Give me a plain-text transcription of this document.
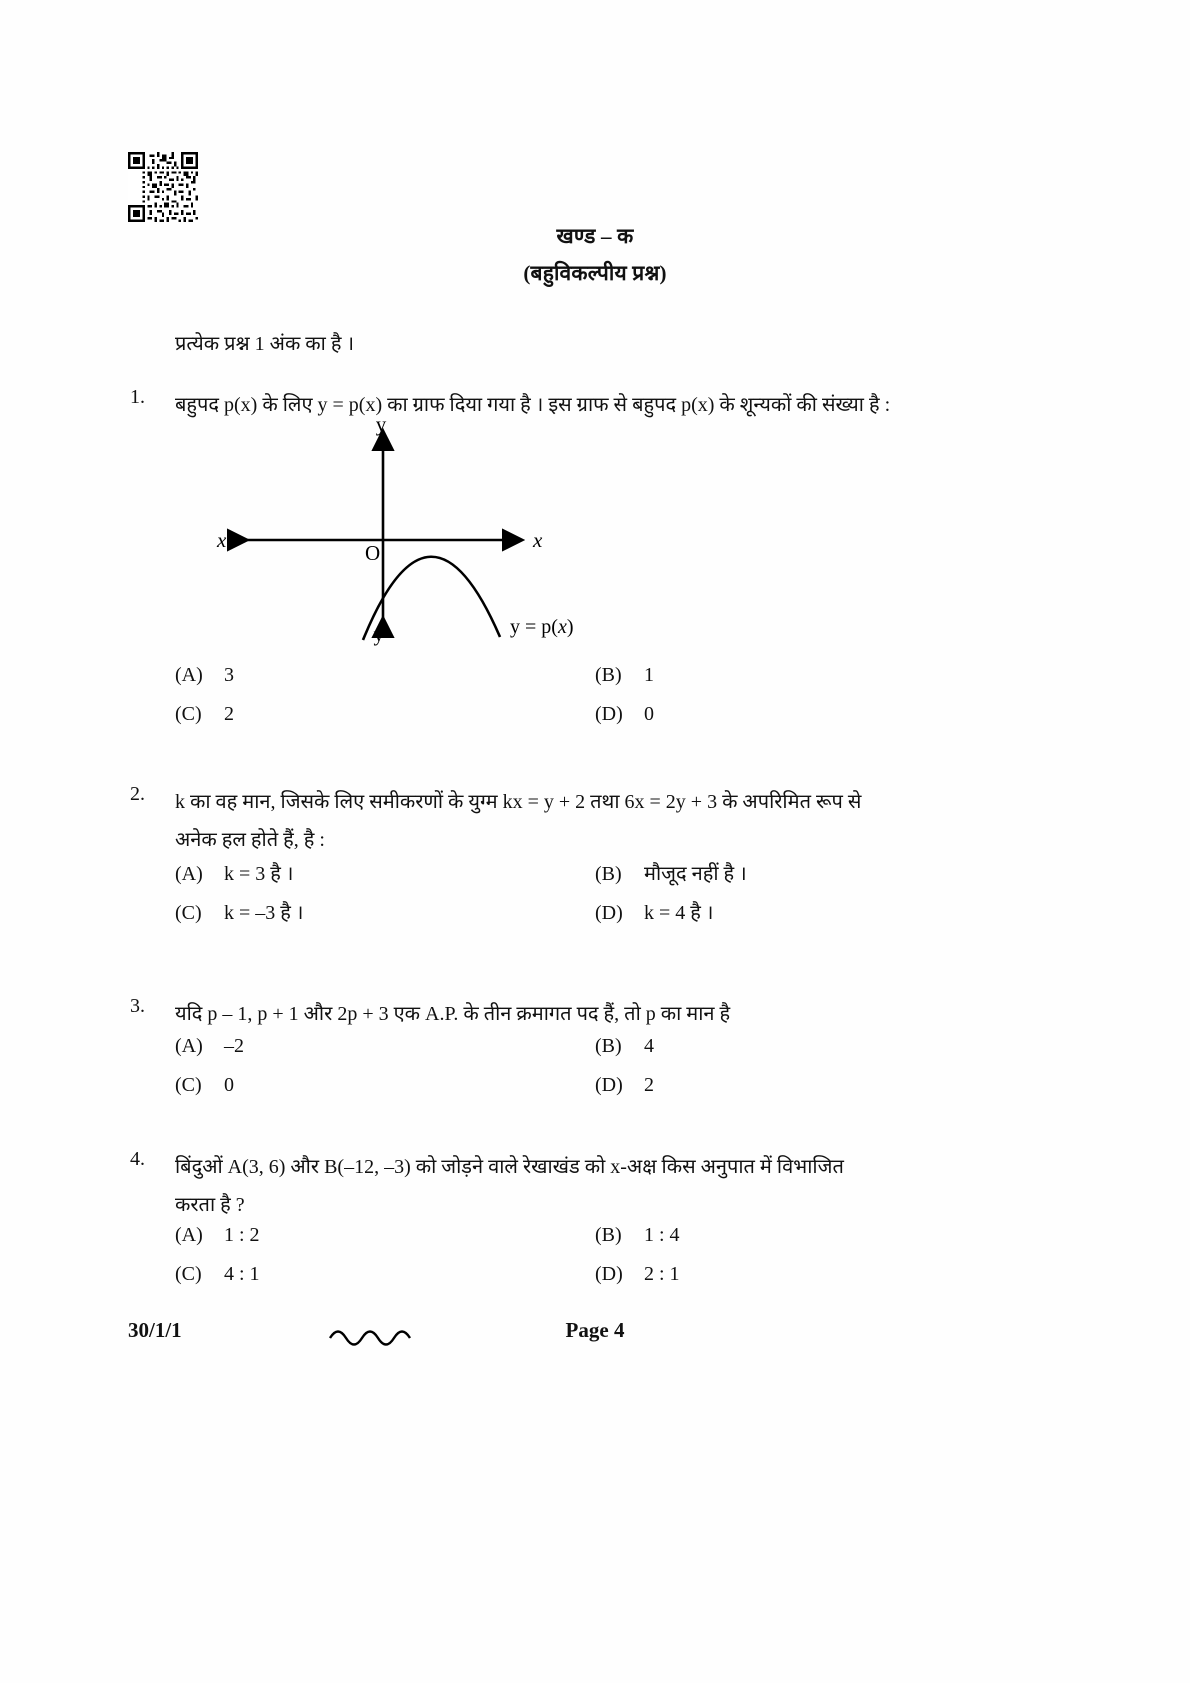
खण्ड – क
(बहुविकल्पीय प्रश्न)
प्रत्येक प्रश्न 1 अंक का है ।
1.	बहुपद p(x) के लिए y = p(x) का ग्राफ दिया गया है । इस ग्राफ से बहुपद p(x) के शून्यकों की संख्या है :
y
y′
x
x′
O
y = p(x)
(A) 3	(B) 1
(C) 2	(D) 0
2.	k का वह मान, जिसके लिए समीकरणों के युग्म kx = y + 2 तथा 6x = 2y + 3 के अपरिमित रूप से
अनेक हल होते हैं, है :
(A) k = 3 है ।	(B) मौजूद नहीं है ।
(C) k = –3 है ।	(D) k = 4 है ।
3.	यदि p – 1, p + 1 और 2p + 3 एक A.P. के तीन क्रमागत पद हैं, तो p का मान है
(A) –2	(B) 4
(C) 0	(D) 2
4.	बिंदुओं A(3, 6) और B(–12, –3) को जोड़ने वाले रेखाखंड को x-अक्ष किस अनुपात में विभाजित
करता है ?
(A) 1 : 2	(B) 1 : 4
(C) 4 : 1	(D) 2 : 1
30/1/1	Page 4
